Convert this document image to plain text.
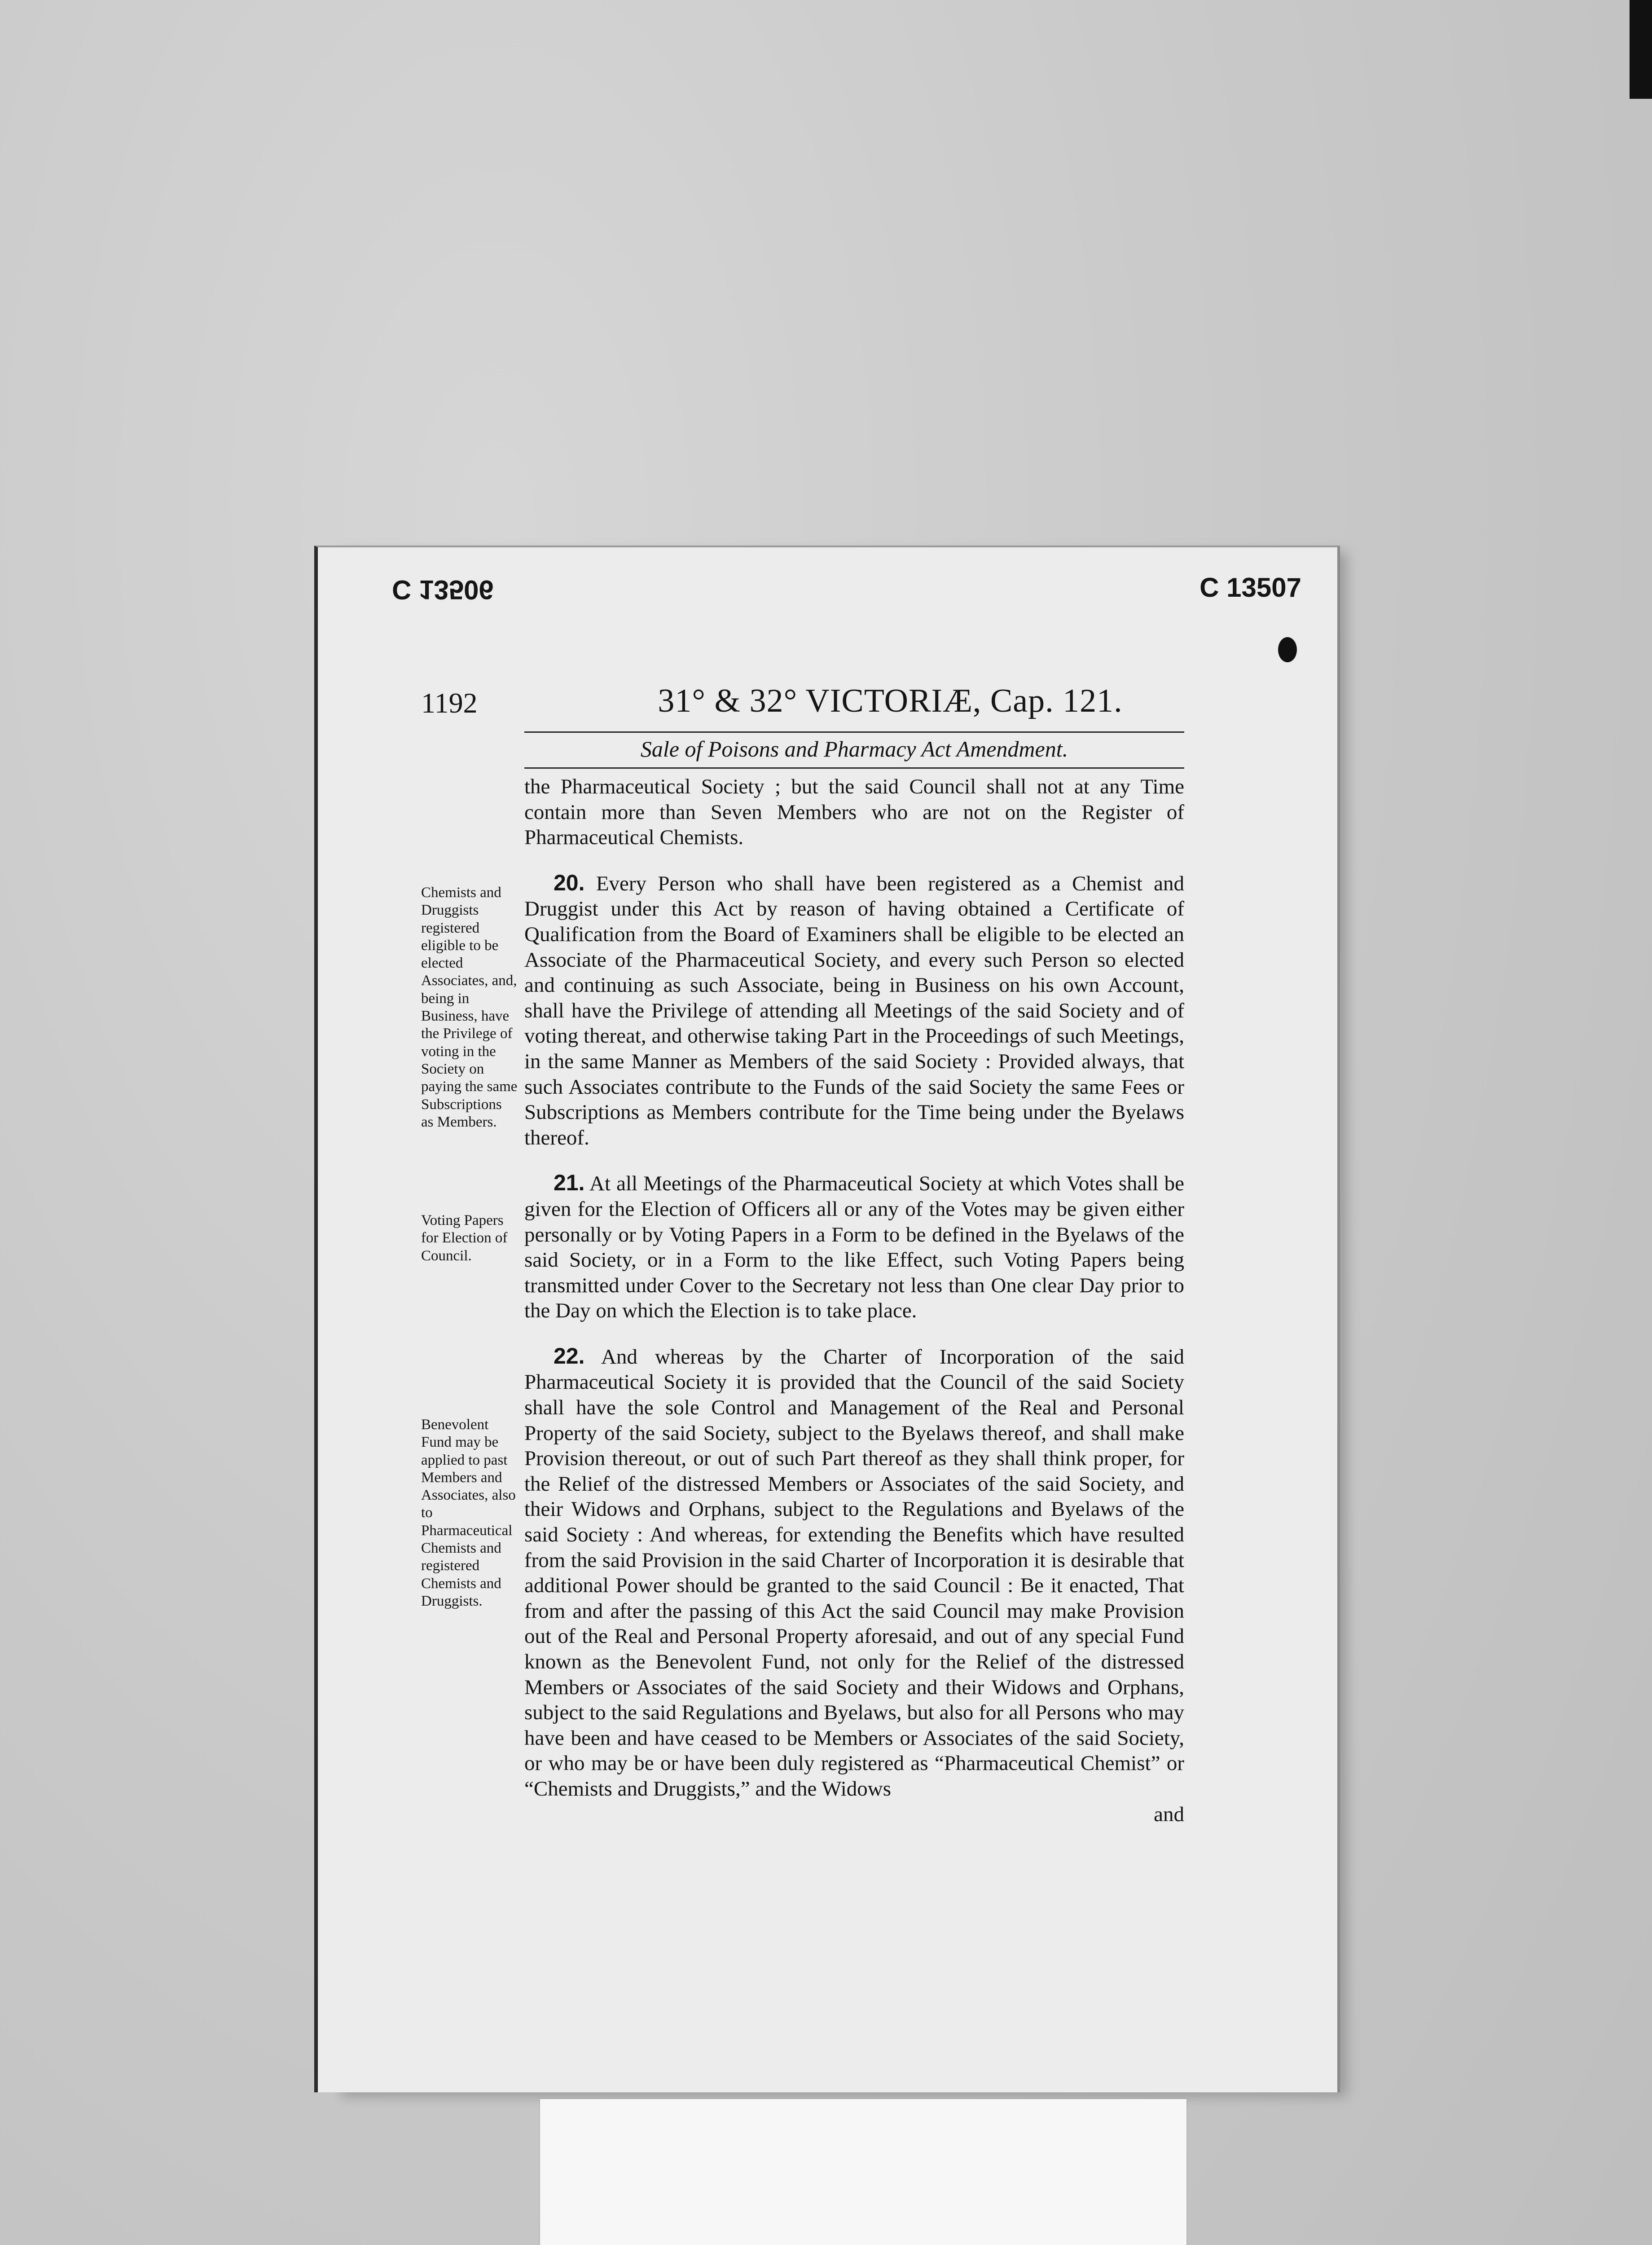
C 13506	C 13507
1192	31° & 32° VICTORIÆ, Cap. 121.
Sale of Poisons and Pharmacy Act Amendment.

the Pharmaceutical Society ; but the said Council shall not at any Time contain more than Seven Members who are not on the Register of Pharmaceutical Chemists.

20. Every Person who shall have been registered as a Chemist and Druggist under this Act by reason of having obtained a Certificate of Qualification from the Board of Examiners shall be eligible to be elected an Associate of the Pharmaceutical Society, and every such Person so elected and continuing as such Associate, being in Business on his own Account, shall have the Privilege of attending all Meetings of the said Society and of voting thereat, and otherwise taking Part in the Proceedings of such Meetings, in the same Manner as Members of the said Society : Provided always, that such Associates contribute to the Funds of the said Society the same Fees or Subscriptions as Members contribute for the Time being under the Byelaws thereof.

21. At all Meetings of the Pharmaceutical Society at which Votes shall be given for the Election of Officers all or any of the Votes may be given either personally or by Voting Papers in a Form to be defined in the Byelaws of the said Society, or in a Form to the like Effect, such Voting Papers being transmitted under Cover to the Secretary not less than One clear Day prior to the Day on which the Election is to take place.

22. And whereas by the Charter of Incorporation of the said Pharmaceutical Society it is provided that the Council of the said Society shall have the sole Control and Management of the Real and Personal Property of the said Society, subject to the Byelaws thereof, and shall make Provision thereout, or out of such Part thereof as they shall think proper, for the Relief of the distressed Members or Associates of the said Society, and their Widows and Orphans, subject to the Regulations and Byelaws of the said Society : And whereas, for extending the Benefits which have resulted from the said Provision in the said Charter of Incorporation it is desirable that additional Power should be granted to the said Council : Be it enacted, That from and after the passing of this Act the said Council may make Provision out of the Real and Personal Property aforesaid, and out of any special Fund known as the Benevolent Fund, not only for the Relief of the distressed Members or Associates of the said Society and their Widows and Orphans, subject to the said Regulations and Byelaws, but also for all Persons who may have been and have ceased to be Members or Associates of the said Society, or who may be or have been duly registered as “Pharmaceutical Chemist” or “Chemists and Druggists,” and the Widows

and
Chemists and Druggists registered eligible to be elected Associates, and, being in Business, have the Privilege of voting in the Society on paying the same Subscriptions as Members.
Voting Papers for Election of Council.
Benevolent Fund may be applied to past Members and Associates, also to Pharmaceutical Chemists and registered Chemists and Druggists.
